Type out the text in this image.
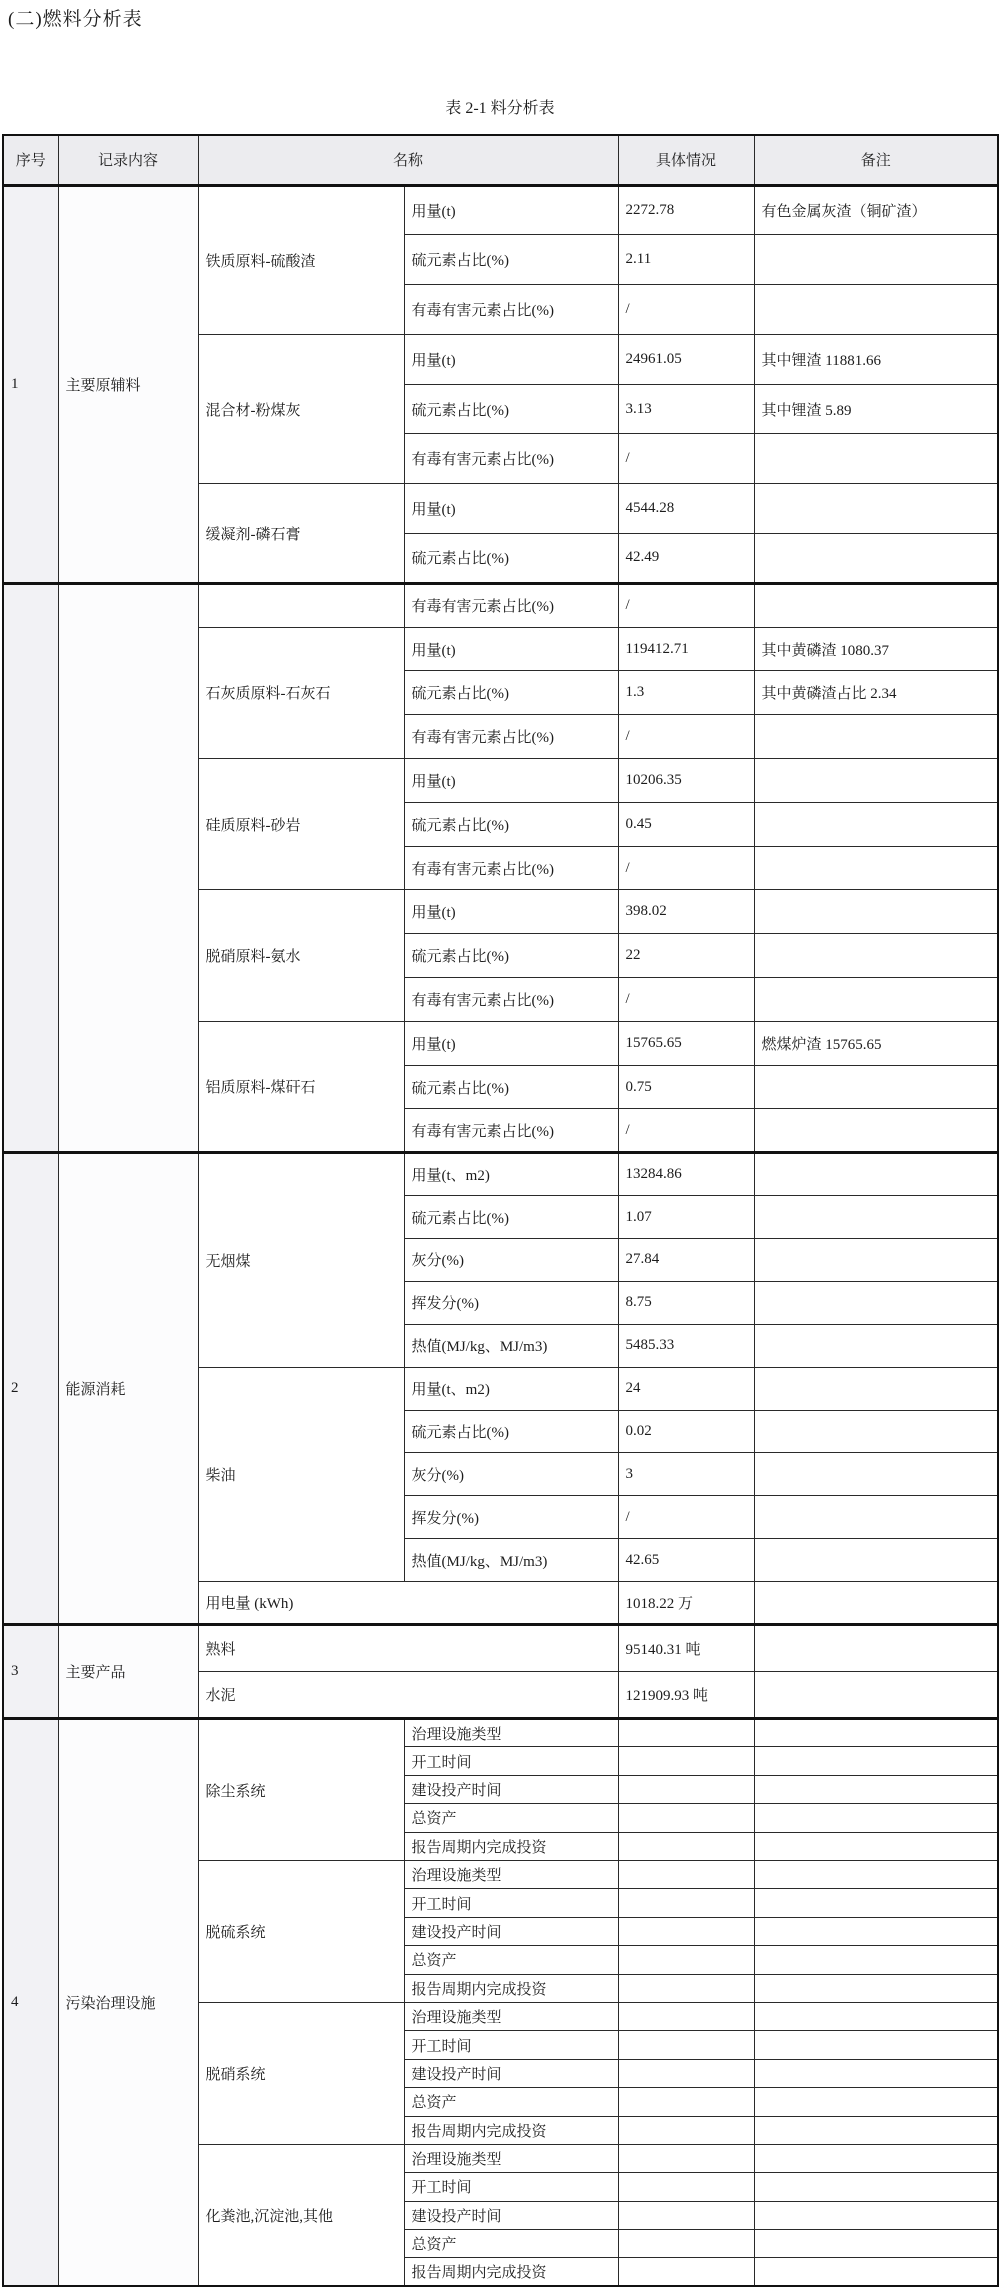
(二)燃料分析表
表 2-1 料分析表
序号	记录内容	名称		具体情况	备注
1	主要原辅料	铁质原料-硫酸渣	用量(t)	2272.78	有色金属灰渣（铜矿渣）
			硫元素占比(%)	2.11	
			有毒有害元素占比(%)	/	
		混合材-粉煤灰	用量(t)	24961.05	其中锂渣 11881.66
			硫元素占比(%)	3.13	其中锂渣 5.89
			有毒有害元素占比(%)	/	
		缓凝剂-磷石膏	用量(t)	4544.28	
			硫元素占比(%)	42.49	
			有毒有害元素占比(%)	/	
		石灰质原料-石灰石	用量(t)	119412.71	其中黄磷渣 1080.37
			硫元素占比(%)	1.3	其中黄磷渣占比 2.34
			有毒有害元素占比(%)	/	
		硅质原料-砂岩	用量(t)	10206.35	
			硫元素占比(%)	0.45	
			有毒有害元素占比(%)	/	
		脱硝原料-氨水	用量(t)	398.02	
			硫元素占比(%)	22	
			有毒有害元素占比(%)	/	
		铝质原料-煤矸石	用量(t)	15765.65	燃煤炉渣 15765.65
			硫元素占比(%)	0.75	
			有毒有害元素占比(%)	/	
2	能源消耗	无烟煤	用量(t、m2)	13284.86	
			硫元素占比(%)	1.07	
			灰分(%)	27.84	
			挥发分(%)	8.75	
			热值(MJ/kg、MJ/m3)	5485.33	
		柴油	用量(t、m2)	24	
			硫元素占比(%)	0.02	
			灰分(%)	3	
			挥发分(%)	/	
			热值(MJ/kg、MJ/m3)	42.65	
		用电量 (kWh)		1018.22 万	
3	主要产品	熟料		95140.31 吨	
		水泥		121909.93 吨	
4	污染治理设施	除尘系统	治理设施类型		
			开工时间		
			建设投产时间		
			总资产		
			报告周期内完成投资		
		脱硫系统	治理设施类型		
			开工时间		
			建设投产时间		
			总资产		
			报告周期内完成投资		
		脱硝系统	治理设施类型		
			开工时间		
			建设投产时间		
			总资产		
			报告周期内完成投资		
		化粪池,沉淀池,其他	治理设施类型		
			开工时间		
			建设投产时间		
			总资产		
			报告周期内完成投资		
